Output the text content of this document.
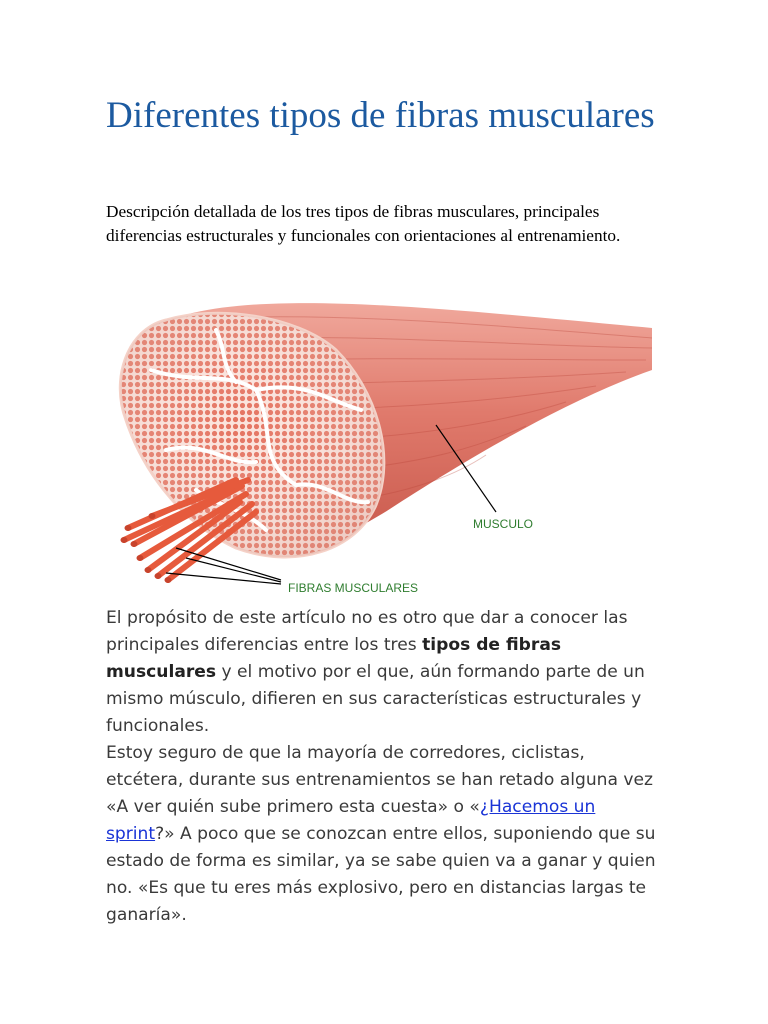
Diferentes tipos de fibras musculares

Descripción detallada de los tres tipos de fibras musculares, principales diferencias estructurales y funcionales con orientaciones al entrenamiento.

MUSCULO
FIBRAS MUSCULARES

El propósito de este artículo no es otro que dar a conocer las principales diferencias entre los tres tipos de fibras musculares y el motivo por el que, aún formando parte de un mismo músculo, difieren en sus características estructurales y funcionales.

Estoy seguro de que la mayoría de corredores, ciclistas, etcétera, durante sus entrenamientos se han retado alguna vez «A ver quién sube primero esta cuesta» o «¿Hacemos un sprint?» A poco que se conozcan entre ellos, suponiendo que su estado de forma es similar, ya se sabe quien va a ganar y quien no. «Es que tu eres más explosivo, pero en distancias largas te ganaría».
